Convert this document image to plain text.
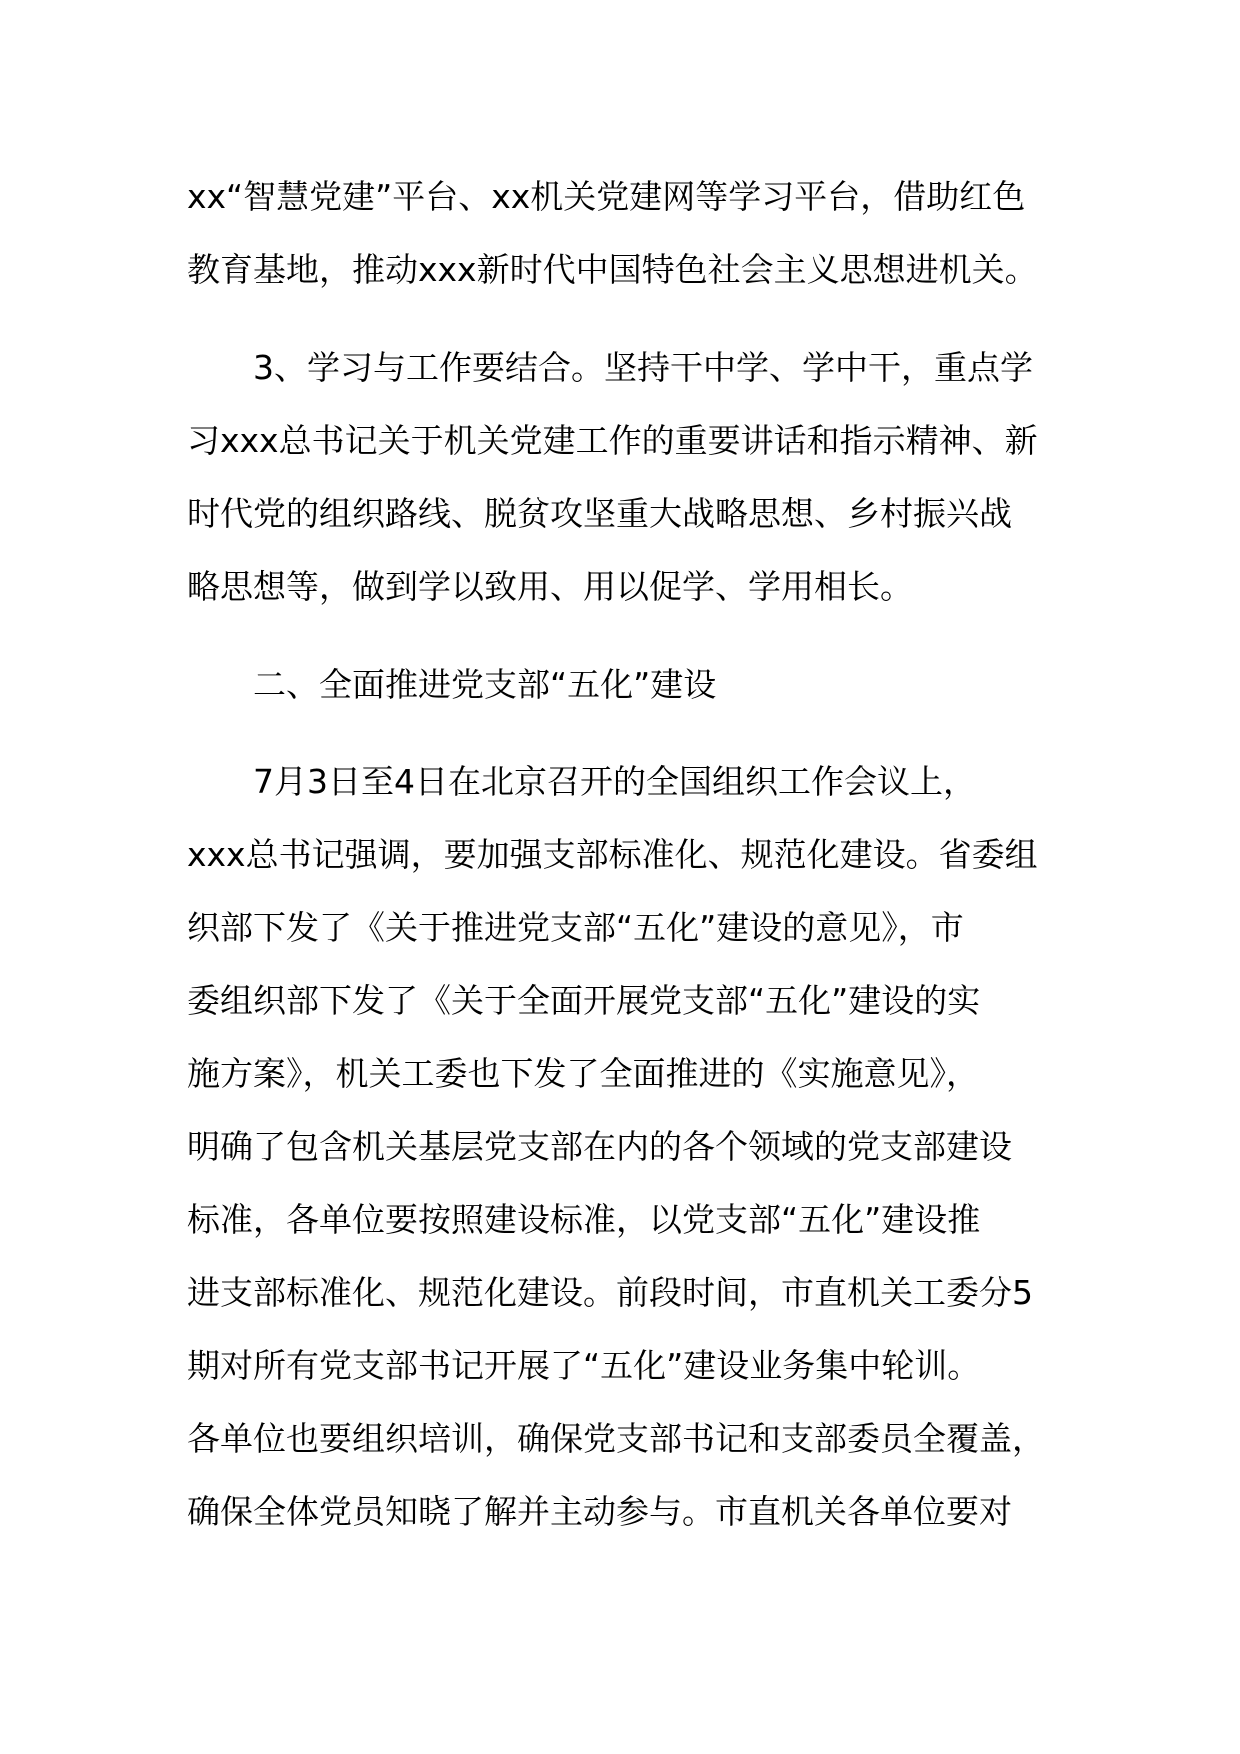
xx“智慧党建”平台、xx机关党建网等学习平台，借助红色
教育基地，推动xxx新时代中国特色社会主义思想进机关。
3、学习与工作要结合。坚持干中学、学中干，重点学
习xxx总书记关于机关党建工作的重要讲话和指示精神、新
时代党的组织路线、脱贫攻坚重大战略思想、乡村振兴战
略思想等，做到学以致用、用以促学、学用相长。
二、全面推进党支部“五化”建设
7月3日至4日在北京召开的全国组织工作会议上，
xxx总书记强调，要加强支部标准化、规范化建设。省委组
织部下发了《关于推进党支部“五化”建设的意见》，市
委组织部下发了《关于全面开展党支部“五化”建设的实
施方案》，机关工委也下发了全面推进的《实施意见》，
明确了包含机关基层党支部在内的各个领域的党支部建设
标准，各单位要按照建设标准，以党支部“五化”建设推
进支部标准化、规范化建设。前段时间，市直机关工委分5
期对所有党支部书记开展了“五化”建设业务集中轮训。
各单位也要组织培训，确保党支部书记和支部委员全覆盖，
确保全体党员知晓了解并主动参与。市直机关各单位要对
